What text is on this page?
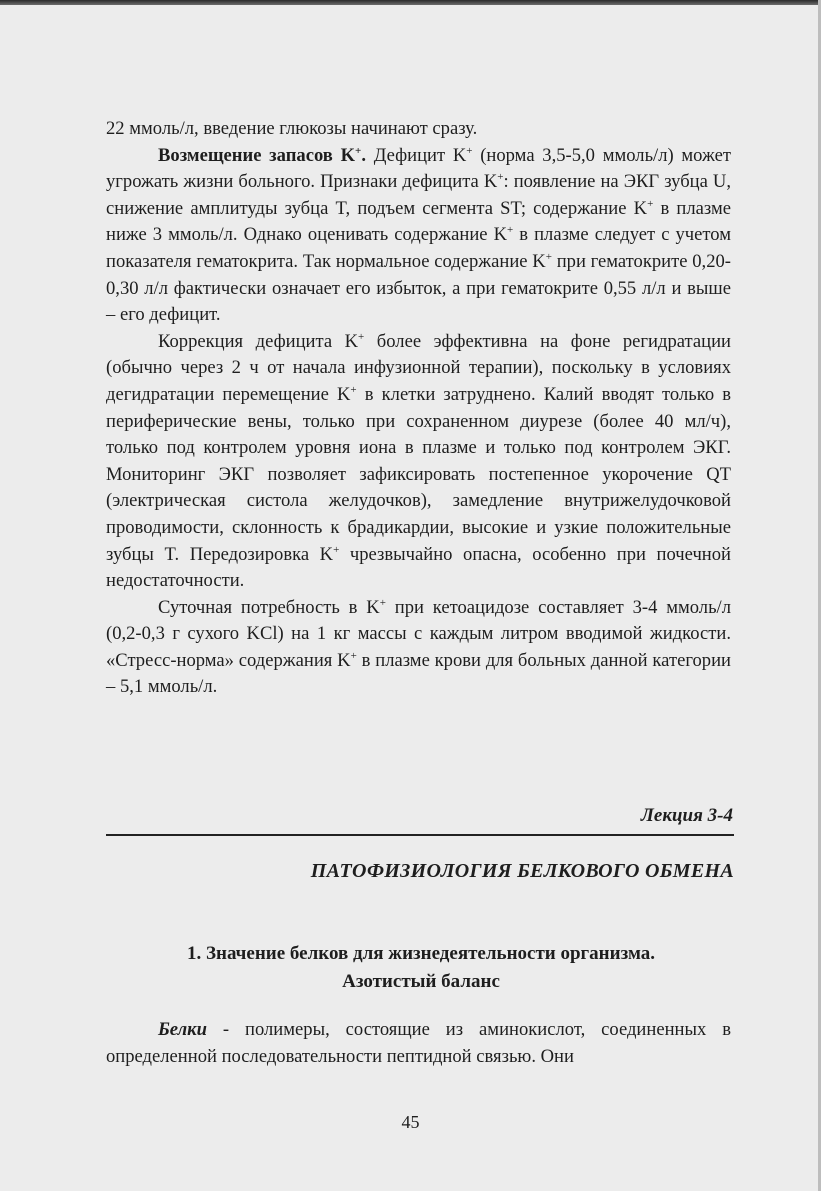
22 ммоль/л, введение глюкозы начинают сразу.

Возмещение запасов K+. Дефицит K+ (норма 3,5-5,0 ммоль/л) может угрожать жизни больного. Признаки дефицита K+: появление на ЭКГ зубца U, снижение амплитуды зубца T, подъем сегмента ST; содержание K+ в плазме ниже 3 ммоль/л. Однако оценивать содержание K+ в плазме следует с учетом показателя гематокрита. Так нормальное содержание K+ при гематокрите 0,20-0,30 л/л фактически означает его избыток, а при гематокрите 0,55 л/л и выше – его дефицит.

Коррекция дефицита K+ более эффективна на фоне регидратации (обычно через 2 ч от начала инфузионной терапии), поскольку в условиях дегидратации перемещение K+ в клетки затруднено. Калий вводят только в периферические вены, только при сохраненном диурезе (более 40 мл/ч), только под контролем уровня иона в плазме и только под контролем ЭКГ. Мониторинг ЭКГ позволяет зафиксировать постепенное укорочение QT (электрическая систола желудочков), замедление внутрижелудочковой проводимости, склонность к брадикардии, высокие и узкие положительные зубцы T. Передозировка K+ чрезвычайно опасна, особенно при почечной недостаточности.

Суточная потребность в K+ при кетоацидозе составляет 3-4 ммоль/л (0,2-0,3 г сухого KCl) на 1 кг массы с каждым литром вводимой жидкости. «Стресс-норма» содержания K+ в плазме крови для больных данной категории – 5,1 ммоль/л.

Лекция 3-4
ПАТОФИЗИОЛОГИЯ БЕЛКОВОГО ОБМЕНА
1. Значение белков для жизнедеятельности организма.
Азотистый баланс

Белки - полимеры, состоящие из аминокислот, соединенных в определенной последовательности пептидной связью. Они

45
